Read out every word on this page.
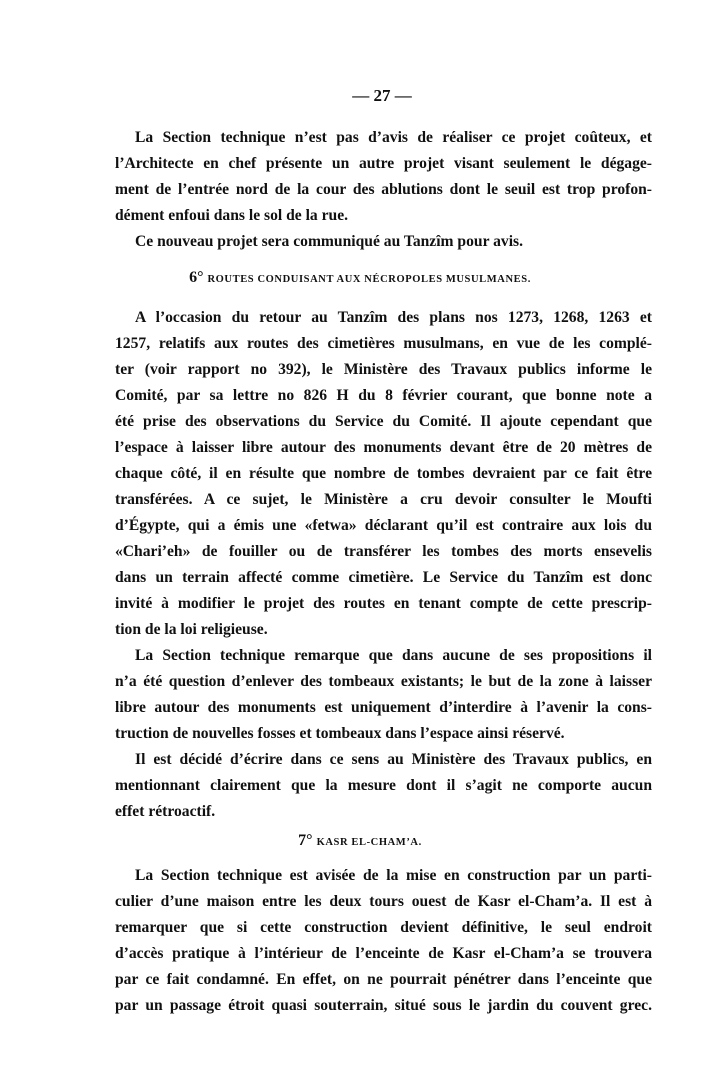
— 27 —
La Section technique n’est pas d’avis de réaliser ce projet coûteux, et
l’Architecte en chef présente un autre projet visant seulement le dégage-
ment de l’entrée nord de la cour des ablutions dont le seuil est trop profon-
dément enfoui dans le sol de la rue.
Ce nouveau projet sera communiqué au Tanzîm pour avis.
6° ROUTES CONDUISANT AUX NÉCROPOLES MUSULMANES.
A l’occasion du retour au Tanzîm des plans nos 1273, 1268, 1263 et
1257, relatifs aux routes des cimetières musulmans, en vue de les complé-
ter (voir rapport no 392), le Ministère des Travaux publics informe le
Comité, par sa lettre no 826 H du 8 février courant, que bonne note a
été prise des observations du Service du Comité. Il ajoute cependant que
l’espace à laisser libre autour des monuments devant être de 20 mètres de
chaque côté, il en résulte que nombre de tombes devraient par ce fait être
transférées. A ce sujet, le Ministère a cru devoir consulter le Moufti
d’Égypte, qui a émis une «fetwa» déclarant qu’il est contraire aux lois du
«Chari’eh» de fouiller ou de transférer les tombes des morts ensevelis
dans un terrain affecté comme cimetière. Le Service du Tanzîm est donc
invité à modifier le projet des routes en tenant compte de cette prescrip-
tion de la loi religieuse.
La Section technique remarque que dans aucune de ses propositions il
n’a été question d’enlever des tombeaux existants; le but de la zone à laisser
libre autour des monuments est uniquement d’interdire à l’avenir la cons-
truction de nouvelles fosses et tombeaux dans l’espace ainsi réservé.
Il est décidé d’écrire dans ce sens au Ministère des Travaux publics, en
mentionnant clairement que la mesure dont il s’agit ne comporte aucun
effet rétroactif.
7° KASR EL-CHAM’A.
La Section technique est avisée de la mise en construction par un parti-
culier d’une maison entre les deux tours ouest de Kasr el-Cham’a. Il est à
remarquer que si cette construction devient définitive, le seul endroit
d’accès pratique à l’intérieur de l’enceinte de Kasr el-Cham’a se trouvera
par ce fait condamné. En effet, on ne pourrait pénétrer dans l’enceinte que
par un passage étroit quasi souterrain, situé sous le jardin du couvent grec.
